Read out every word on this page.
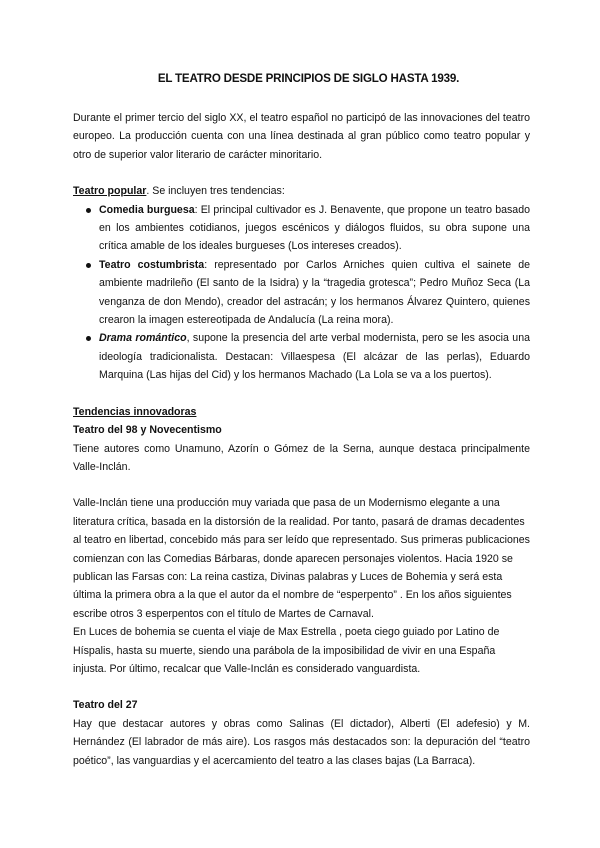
EL TEATRO DESDE PRINCIPIOS DE SIGLO HASTA 1939.

Durante el primer tercio del siglo XX, el teatro español no participó de las innovaciones del teatro europeo. La producción cuenta con una línea destinada al gran público como teatro popular y otro de superior valor literario de carácter minoritario.

Teatro popular. Se incluyen tres tendencias:

Comedia burguesa: El principal cultivador es J. Benavente, que propone un teatro basado en los ambientes cotidianos, juegos escénicos y diálogos fluidos, su obra supone una crítica amable de los ideales burgueses (Los intereses creados).
Teatro costumbrista: representado por Carlos Arniches quien cultiva el sainete de ambiente madrileño (El santo de la Isidra) y la “tragedia grotesca”; Pedro Muñoz Seca (La venganza de don Mendo), creador del astracán; y los hermanos Álvarez Quintero, quienes crearon la imagen estereotipada de Andalucía (La reina mora).
Drama romántico, supone la presencia del arte verbal modernista, pero se les asocia una ideología tradicionalista. Destacan: Villaespesa (El alcázar de las perlas), Eduardo Marquina (Las hijas del Cid) y los hermanos Machado (La Lola se va a los puertos).

Tendencias innovadoras

Teatro del 98 y Novecentismo

Tiene autores como Unamuno, Azorín o Gómez de la Serna, aunque destaca principalmente Valle-Inclán.

Valle-Inclán tiene una producción muy variada que pasa de un Modernismo elegante a una literatura crítica, basada en la distorsión de la realidad. Por tanto, pasará de dramas decadentes al teatro en libertad, concebido más para ser leído que representado. Sus primeras publicaciones comienzan con las Comedias Bárbaras, donde aparecen personajes violentos. Hacia 1920 se publican las Farsas con: La reina castiza, Divinas palabras y Luces de Bohemia y será esta última la primera obra a la que el autor da el nombre de “esperpento” . En los años siguientes escribe otros 3 esperpentos con el título de Martes de Carnaval.

En Luces de bohemia se cuenta el viaje de Max Estrella , poeta ciego guiado por Latino de Híspalis, hasta su muerte, siendo una parábola de la imposibilidad de vivir en una España injusta. Por último, recalcar que Valle-Inclán es considerado vanguardista.

Teatro del 27

Hay que destacar autores y obras como Salinas (El dictador), Alberti (El adefesio) y M. Hernández (El labrador de más aire). Los rasgos más destacados son: la depuración del “teatro poético”, las vanguardias y el acercamiento del teatro a las clases bajas (La Barraca).
